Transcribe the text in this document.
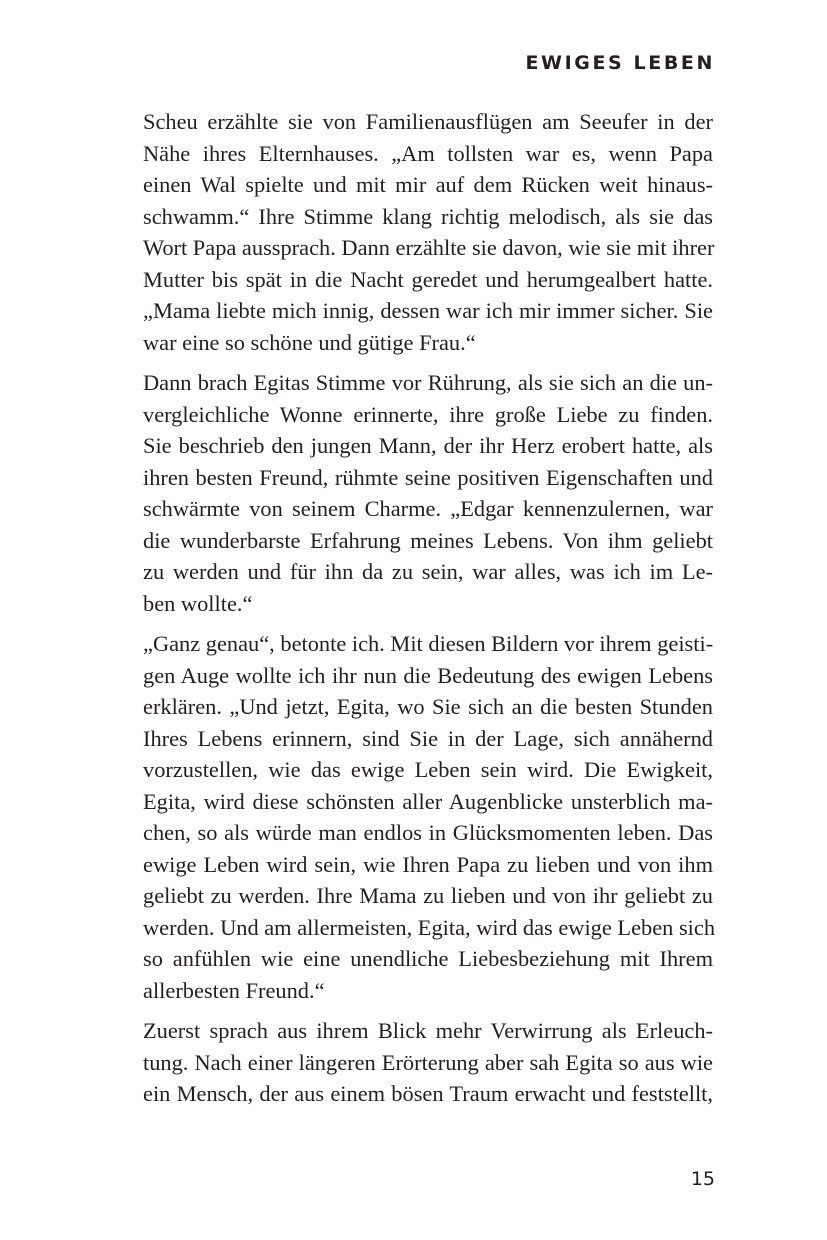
EWIGES LEBEN
Scheu erzählte sie von Familienausflügen am Seeufer in der
Nähe ihres Elternhauses. „Am tollsten war es, wenn Papa
einen Wal spielte und mit mir auf dem Rücken weit hinaus-
schwamm.“ Ihre Stimme klang richtig melodisch, als sie das
Wort Papa aussprach. Dann erzählte sie davon, wie sie mit ihrer
Mutter bis spät in die Nacht geredet und herumgealbert hatte.
„Mama liebte mich innig, dessen war ich mir immer sicher. Sie
war eine so schöne und gütige Frau.“
Dann brach Egitas Stimme vor Rührung, als sie sich an die un-
vergleichliche Wonne erinnerte, ihre große Liebe zu finden.
Sie beschrieb den jungen Mann, der ihr Herz erobert hatte, als
ihren besten Freund, rühmte seine positiven Eigenschaften und
schwärmte von seinem Charme. „Edgar kennenzulernen, war
die wunderbarste Erfahrung meines Lebens. Von ihm geliebt
zu werden und für ihn da zu sein, war alles, was ich im Le-
ben wollte.“
„Ganz genau“, betonte ich. Mit diesen Bildern vor ihrem geisti-
gen Auge wollte ich ihr nun die Bedeutung des ewigen Lebens
erklären. „Und jetzt, Egita, wo Sie sich an die besten Stunden
Ihres Lebens erinnern, sind Sie in der Lage, sich annähernd
vorzustellen, wie das ewige Leben sein wird. Die Ewigkeit,
Egita, wird diese schönsten aller Augenblicke unsterblich ma-
chen, so als würde man endlos in Glücksmomenten leben. Das
ewige Leben wird sein, wie Ihren Papa zu lieben und von ihm
geliebt zu werden. Ihre Mama zu lieben und von ihr geliebt zu
werden. Und am allermeisten, Egita, wird das ewige Leben sich
so anfühlen wie eine unendliche Liebesbeziehung mit Ihrem
allerbesten Freund.“
Zuerst sprach aus ihrem Blick mehr Verwirrung als Erleuch-
tung. Nach einer längeren Erörterung aber sah Egita so aus wie
ein Mensch, der aus einem bösen Traum erwacht und feststellt,
15
